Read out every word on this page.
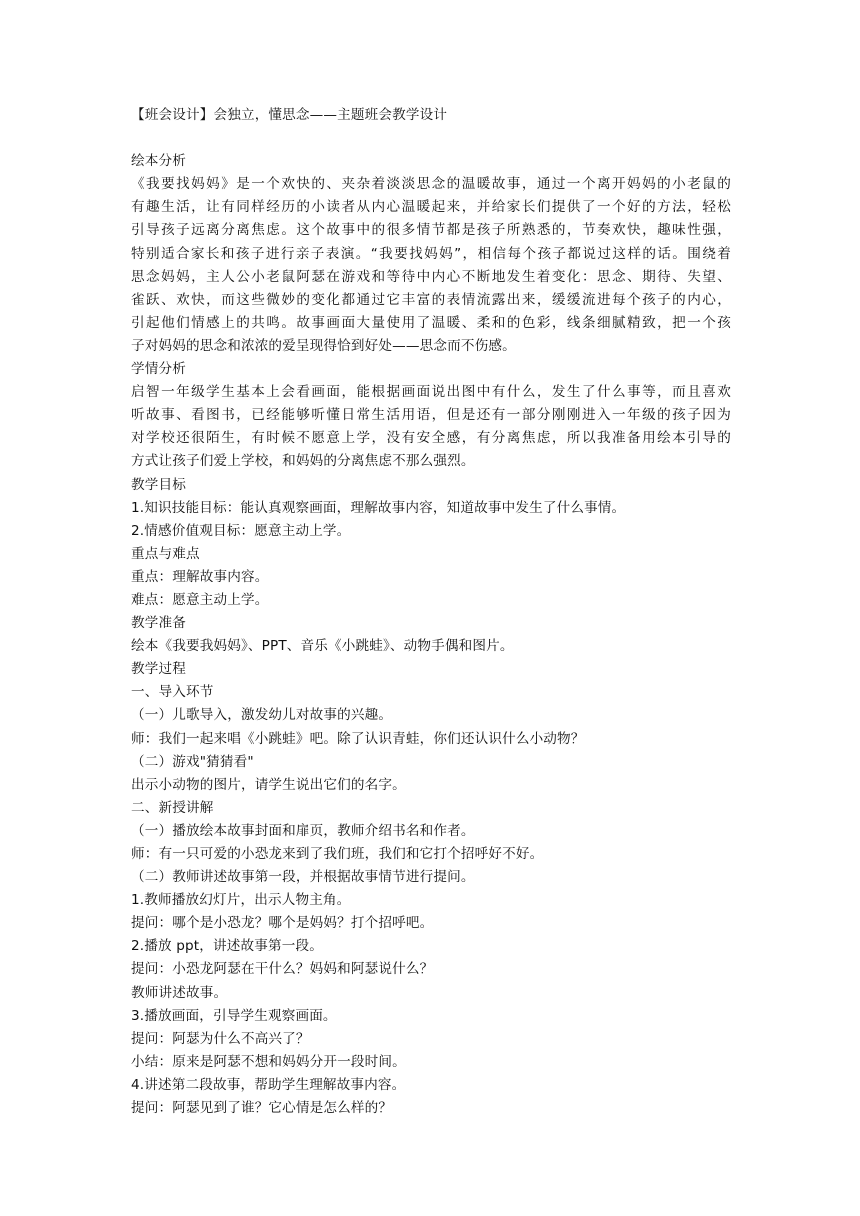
【班会设计】会独立，懂思念——主题班会教学设计
绘本分析
《我要找妈妈》是一个欢快的、夹杂着淡淡思念的温暖故事，通过一个离开妈妈的小老鼠的
有趣生活，让有同样经历的小读者从内心温暖起来，并给家长们提供了一个好的方法，轻松
引导孩子远离分离焦虑。这个故事中的很多情节都是孩子所熟悉的，节奏欢快，趣味性强，
特别适合家长和孩子进行亲子表演。“我要找妈妈”，相信每个孩子都说过这样的话。围绕着
思念妈妈，主人公小老鼠阿瑟在游戏和等待中内心不断地发生着变化：思念、期待、失望、
雀跃、欢快，而这些微妙的变化都通过它丰富的表情流露出来，缓缓流进每个孩子的内心，
引起他们情感上的共鸣。故事画面大量使用了温暖、柔和的色彩，线条细腻精致，把一个孩
子对妈妈的思念和浓浓的爱呈现得恰到好处——思念而不伤感。
学情分析
启智一年级学生基本上会看画面，能根据画面说出图中有什么，发生了什么事等，而且喜欢
听故事、看图书，已经能够听懂日常生活用语，但是还有一部分刚刚进入一年级的孩子因为
对学校还很陌生，有时候不愿意上学，没有安全感，有分离焦虑，所以我准备用绘本引导的
方式让孩子们爱上学校，和妈妈的分离焦虑不那么强烈。
教学目标
1.知识技能目标：能认真观察画面，理解故事内容，知道故事中发生了什么事情。
2.情感价值观目标：愿意主动上学。
重点与难点
重点：理解故事内容。
难点：愿意主动上学。
教学准备
绘本《我要我妈妈》、PPT、音乐《小跳蛙》、动物手偶和图片。
教学过程
一、导入环节
（一）儿歌导入，激发幼儿对故事的兴趣。
师：我们一起来唱《小跳蛙》吧。除了认识青蛙，你们还认识什么小动物？
（二）游戏"猜猜看"
出示小动物的图片，请学生说出它们的名字。
二、新授讲解
（一）播放绘本故事封面和扉页，教师介绍书名和作者。
师：有一只可爱的小恐龙来到了我们班，我们和它打个招呼好不好。
（二）教师讲述故事第一段，并根据故事情节进行提问。
1.教师播放幻灯片，出示人物主角。
提问：哪个是小恐龙？哪个是妈妈？打个招呼吧。
2.播放 ppt，讲述故事第一段。
提问：小恐龙阿瑟在干什么？妈妈和阿瑟说什么？
教师讲述故事。
3.播放画面，引导学生观察画面。
提问：阿瑟为什么不高兴了？
小结：原来是阿瑟不想和妈妈分开一段时间。
4.讲述第二段故事，帮助学生理解故事内容。
提问：阿瑟见到了谁？它心情是怎么样的？
